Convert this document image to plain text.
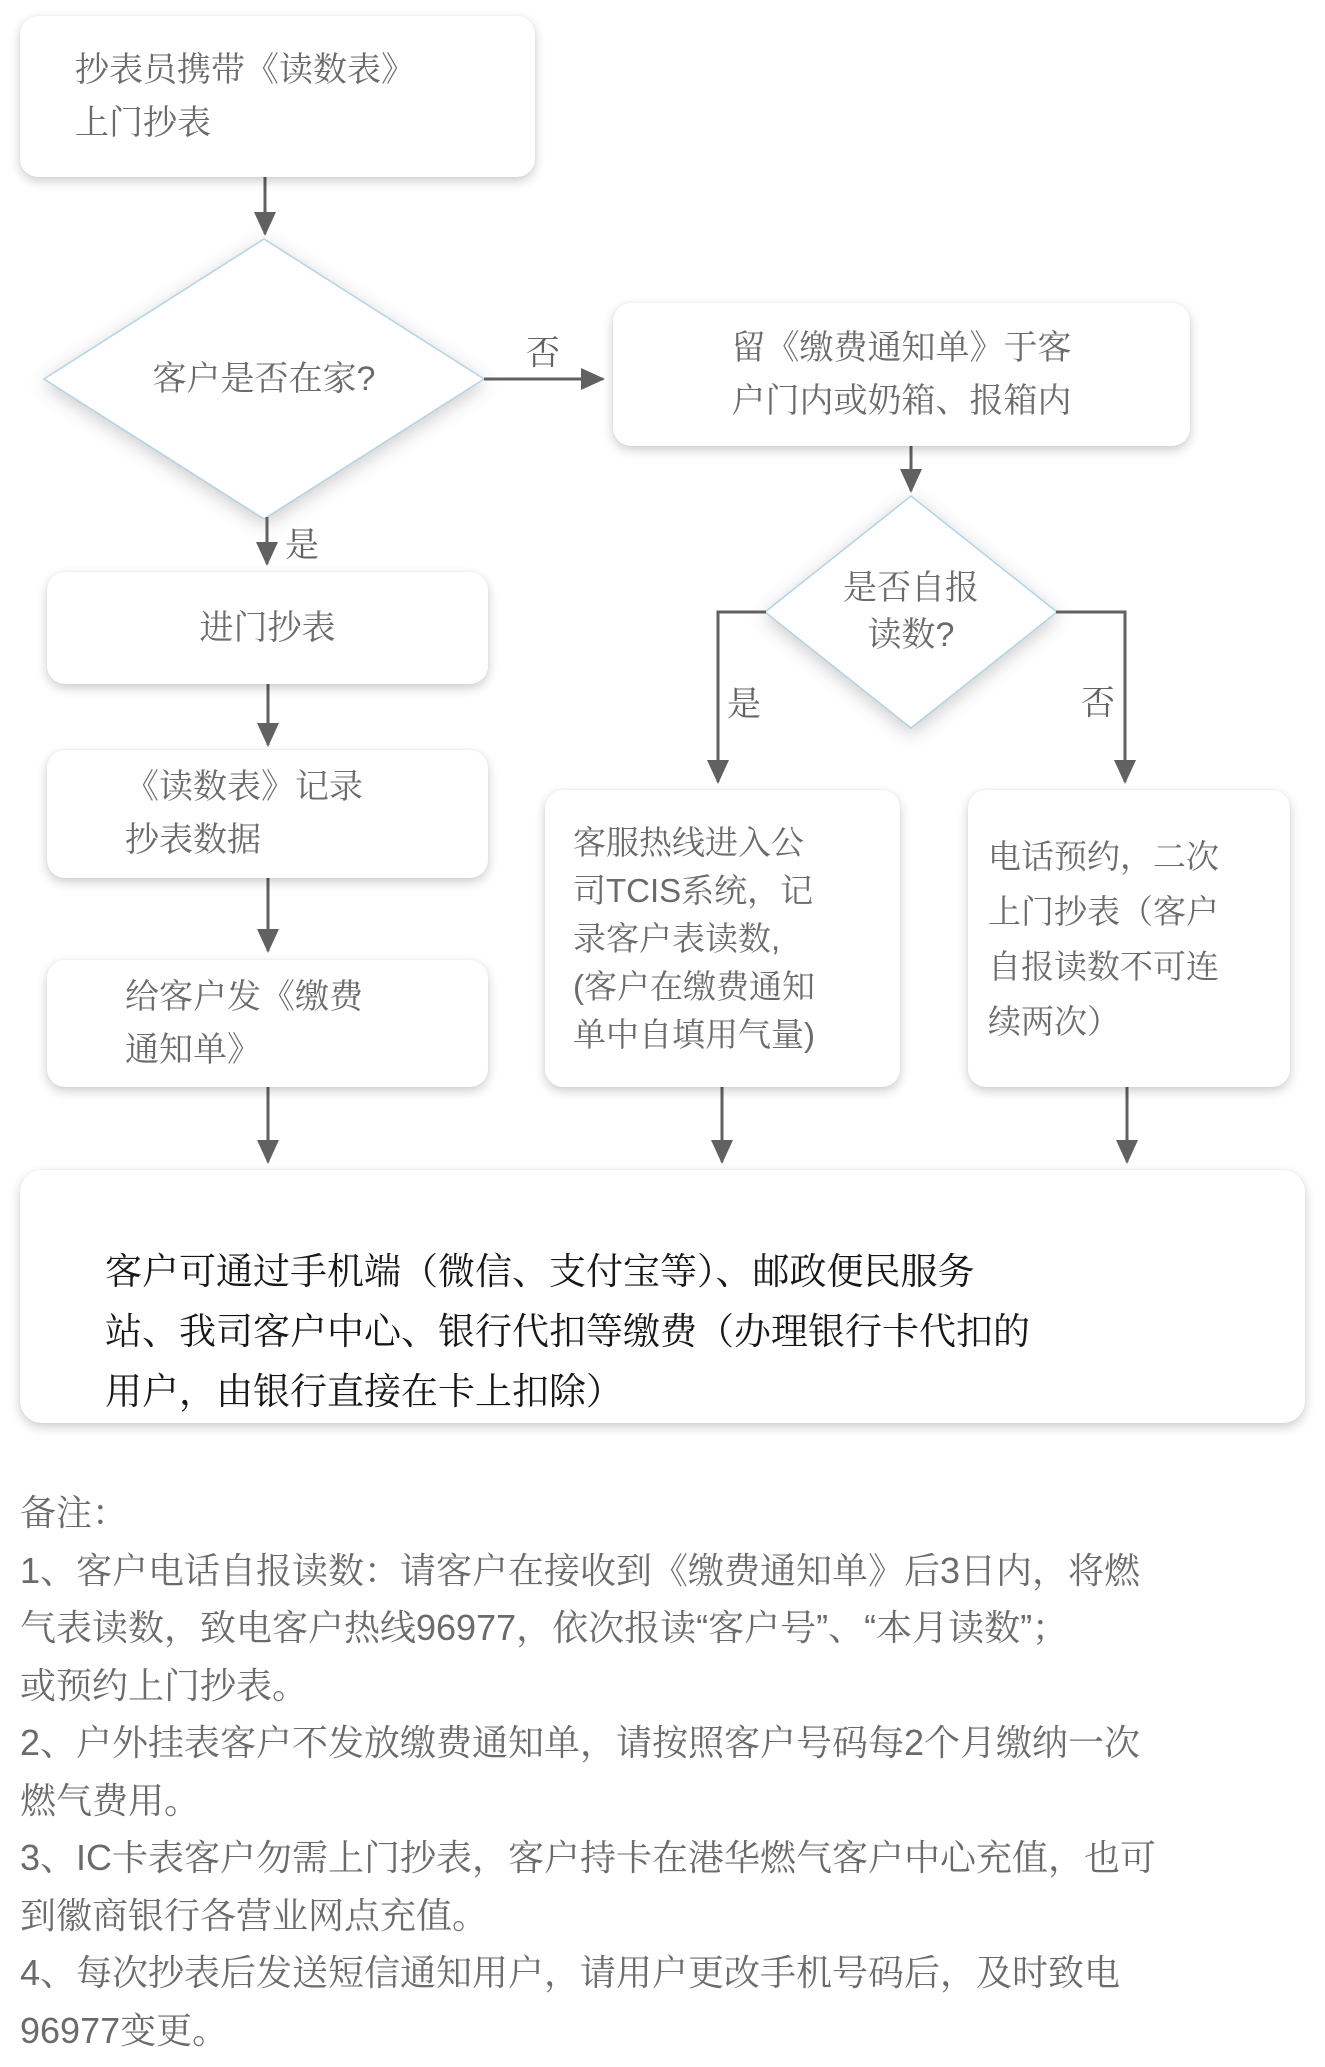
抄表员携带《读数表》
上门抄表
客户是否在家?
留《缴费通知单》于客
户门内或奶箱、报箱内
是否自报
读数?
进门抄表
《读数表》记录
抄表数据
给客户发《缴费
通知单》
客服热线进入公
司TCIS系统，记
录客户表读数,
(客户在缴费通知
单中自填用气量)
电话预约，二次
上门抄表（客户
自报读数不可连
续两次）
客户可通过手机端（微信、支付宝等）、邮政便民服务
站、我司客户中心、银行代扣等缴费（办理银行卡代扣的
用户，由银行直接在卡上扣除）
否
是
是	否
备注：
1、客户电话自报读数：请客户在接收到《缴费通知单》后3日内，将燃
气表读数，致电客户热线96977，依次报读“客户号”、“本月读数”；
或预约上门抄表。
2、户外挂表客户不发放缴费通知单，请按照客户号码每2个月缴纳一次
燃气费用。
3、IC卡表客户勿需上门抄表，客户持卡在港华燃气客户中心充值，也可
到徽商银行各营业网点充值。
4、每次抄表后发送短信通知用户，请用户更改手机号码后，及时致电
96977变更。
